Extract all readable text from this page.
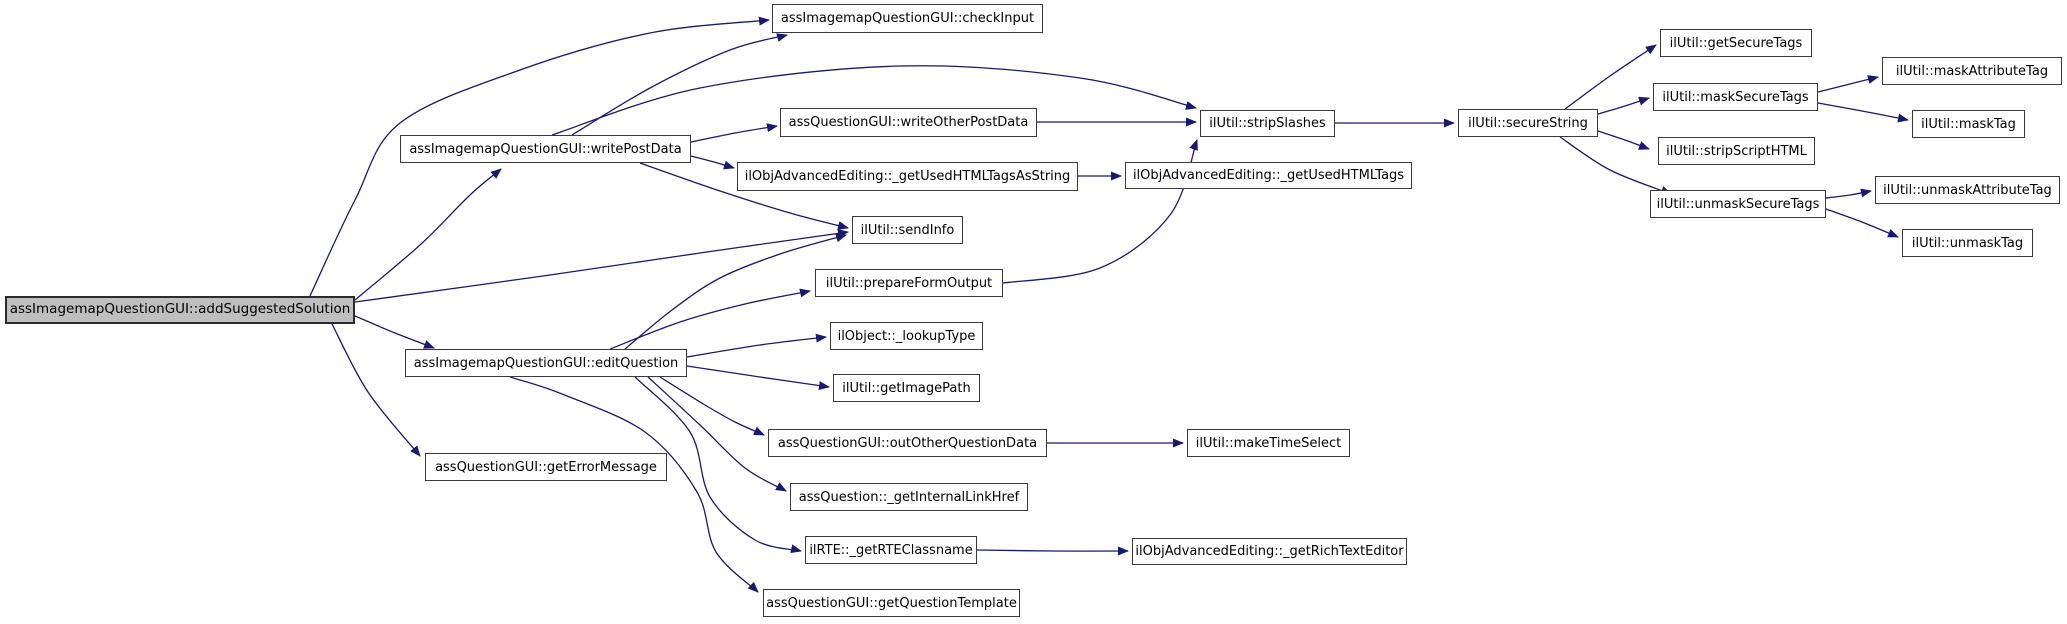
assImagemapQuestionGUI::addSuggestedSolution
assImagemapQuestionGUI::checkInput
assImagemapQuestionGUI::writePostData
assQuestionGUI::writeOtherPostData
ilObjAdvancedEditing::_getUsedHTMLTagsAsString	ilObjAdvancedEditing::_getUsedHTMLTags
ilUtil::stripSlashes	ilUtil::secureString
ilUtil::getSecureTags
ilUtil::maskSecureTags
ilUtil::maskAttributeTag
ilUtil::maskTag
ilUtil::stripScriptHTML
ilUtil::unmaskSecureTags
ilUtil::unmaskAttributeTag
ilUtil::unmaskTag
ilUtil::sendInfo
ilUtil::prepareFormOutput
assImagemapQuestionGUI::editQuestion
ilObject::_lookupType
ilUtil::getImagePath
assQuestionGUI::outOtherQuestionData	ilUtil::makeTimeSelect
assQuestion::_getInternalLinkHref
assQuestionGUI::getErrorMessage
ilRTE::_getRTEClassname	ilObjAdvancedEditing::_getRichTextEditor
assQuestionGUI::getQuestionTemplate
